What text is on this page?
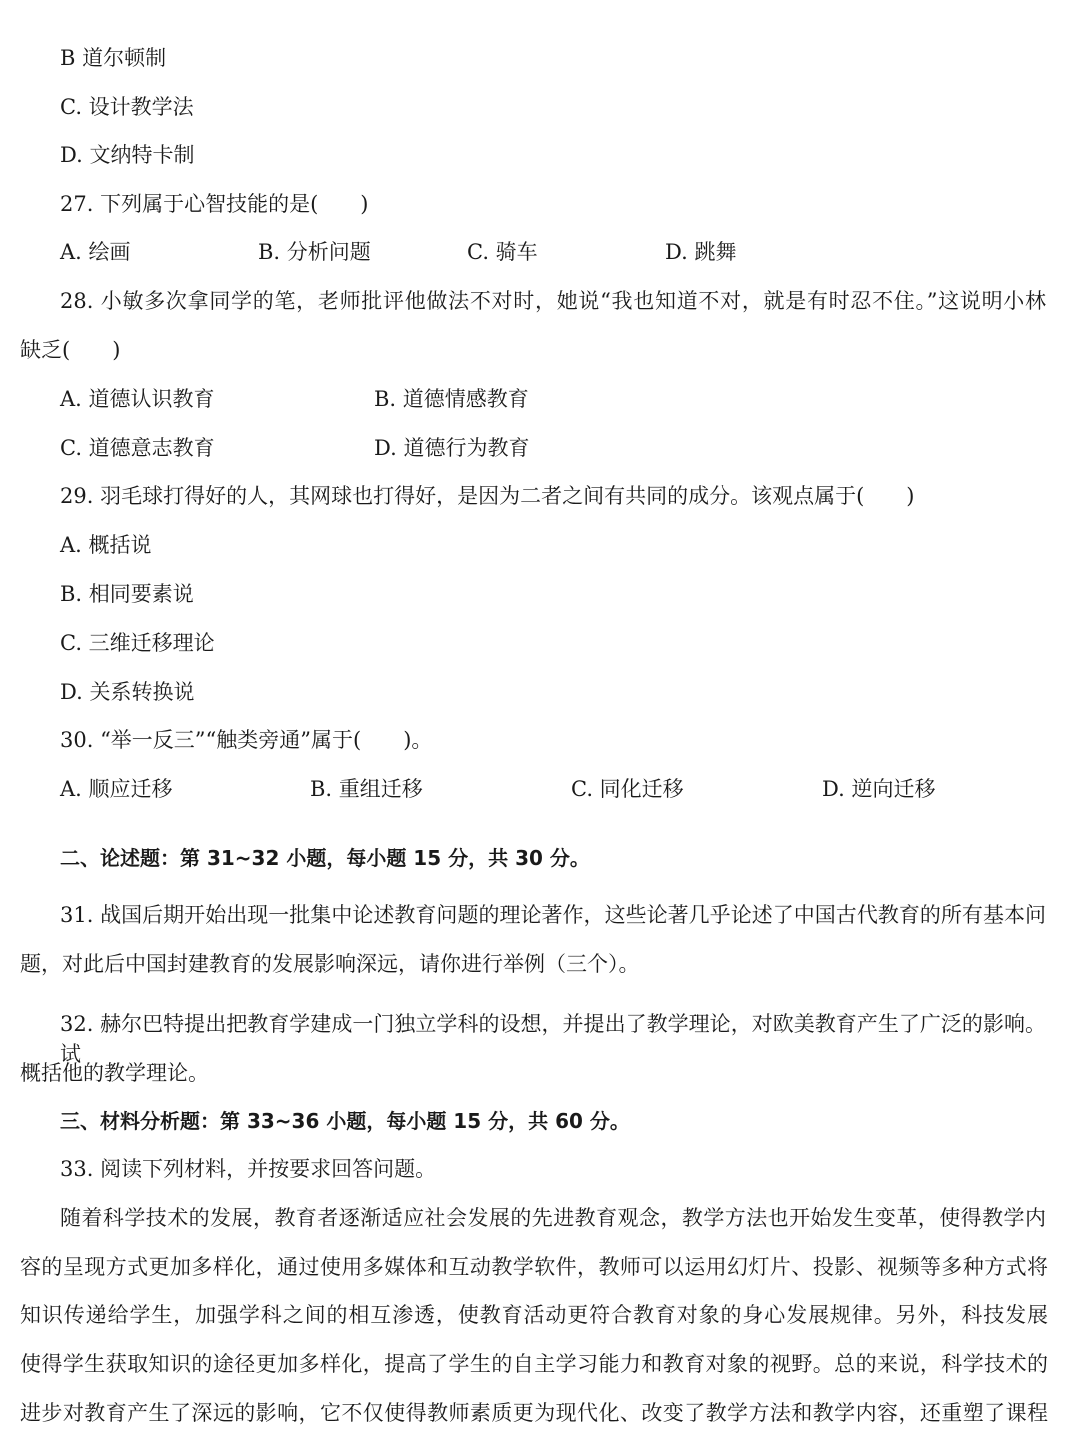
B 道尔顿制
C. 设计教学法
D. 文纳特卡制
27. 下列属于心智技能的是(　　)
A. 绘画	B. 分析问题	C. 骑车	D. 跳舞
28. 小敏多次拿同学的笔，老师批评他做法不对时，她说“我也知道不对，就是有时忍不住。”这说明小林
缺乏(　　)
A. 道德认识教育	B. 道德情感教育
C. 道德意志教育	D. 道德行为教育
29. 羽毛球打得好的人，其网球也打得好，是因为二者之间有共同的成分。该观点属于(　　)
A. 概括说
B. 相同要素说
C. 三维迁移理论
D. 关系转换说
30. “举一反三”“触类旁通”属于(　　)。
A. 顺应迁移	B. 重组迁移	C. 同化迁移	D. 逆向迁移
二、论述题：第 31~32 小题，每小题 15 分，共 30 分。
31. 战国后期开始出现一批集中论述教育问题的理论著作，这些论著几乎论述了中国古代教育的所有基本问
题，对此后中国封建教育的发展影响深远，请你进行举例（三个）。
32. 赫尔巴特提出把教育学建成一门独立学科的设想，并提出了教学理论，对欧美教育产生了广泛的影响。试
概括他的教学理论。
三、材料分析题：第 33~36 小题，每小题 15 分，共 60 分。
33. 阅读下列材料，并按要求回答问题。
随着科学技术的发展，教育者逐渐适应社会发展的先进教育观念，教学方法也开始发生变革，使得教学内
容的呈现方式更加多样化，通过使用多媒体和互动教学软件，教师可以运用幻灯片、投影、视频等多种方式将
知识传递给学生，加强学科之间的相互渗透，使教育活动更符合教育对象的身心发展规律。另外，科技发展
使得学生获取知识的途径更加多样化，提高了学生的自主学习能力和教育对象的视野。总的来说，科学技术的
进步对教育产生了深远的影响，它不仅使得教师素质更为现代化、改变了教学方法和教学内容，还重塑了课程
